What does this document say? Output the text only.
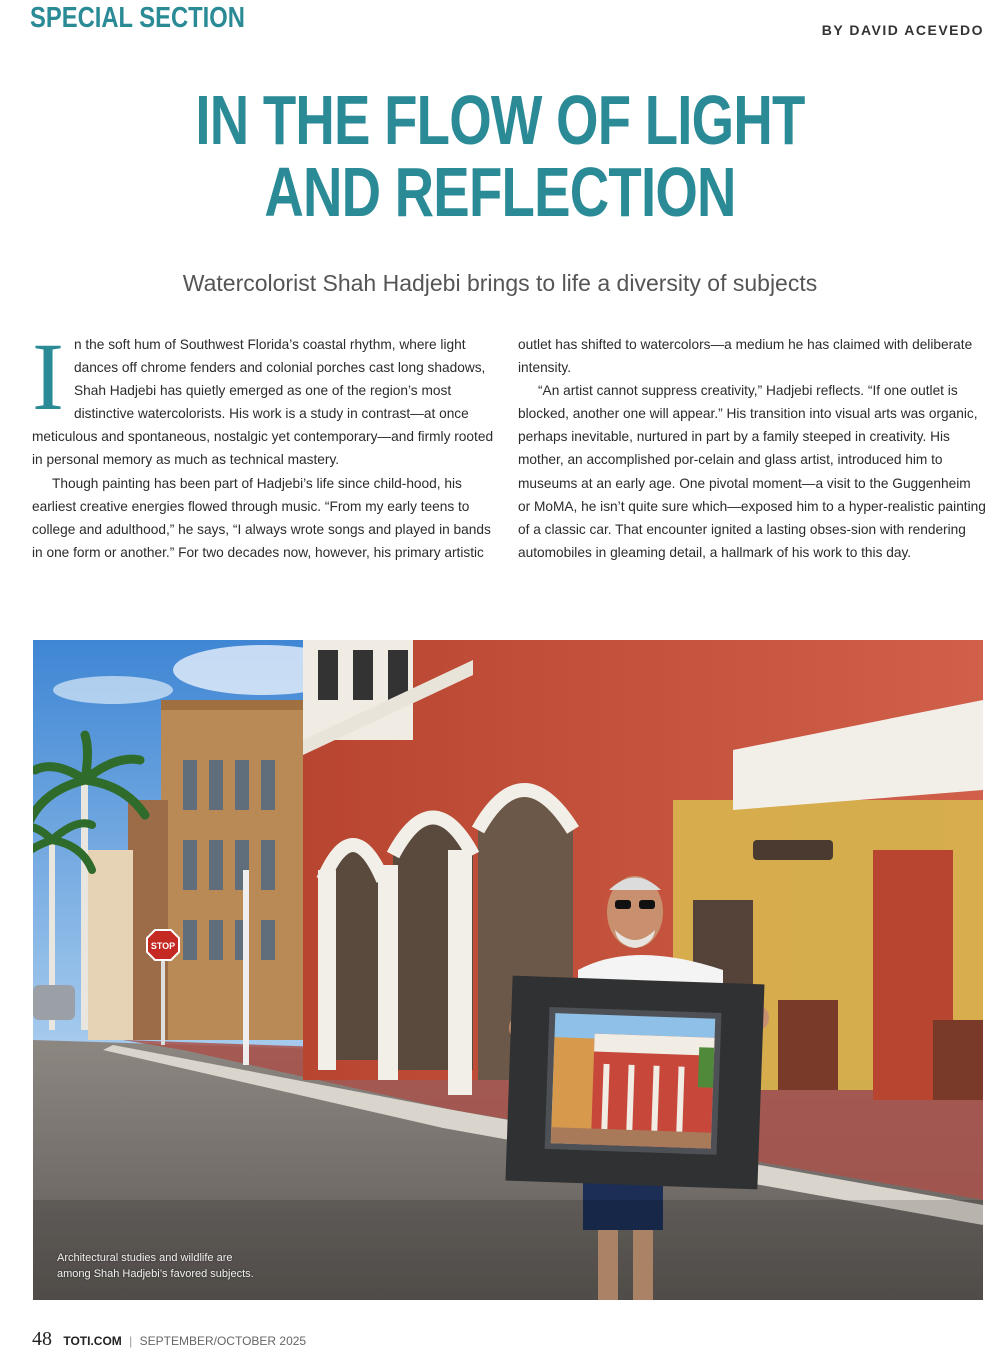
SPECIAL SECTION	BY DAVID ACEVEDO
IN THE FLOW OF LIGHT
AND REFLECTION
Watercolorist Shah Hadjebi brings to life a diversity of subjects
I n the soft hum of Southwest Florida’s coastal rhythm, where light dances off chrome fenders and colonial porches cast long shadows, Shah Hadjebi has quietly emerged as one of the region’s most distinctive watercolorists. His work is a study in contrast—at once meticulous and spontaneous, nostalgic yet contemporary—and firmly rooted in personal memory as much as technical mastery.

Though painting has been part of Hadjebi’s life since child-hood, his earliest creative energies flowed through music. “From my early teens to college and adulthood,” he says, “I always wrote songs and played in bands in one form or another.” For two decades now, however, his primary artistic

outlet has shifted to watercolors—a medium he has claimed with deliberate intensity.

“An artist cannot suppress creativity,” Hadjebi reflects. “If one outlet is blocked, another one will appear.” His transition into visual arts was organic, perhaps inevitable, nurtured in part by a family steeped in creativity. His mother, an accomplished por-celain and glass artist, introduced him to museums at an early age. One pivotal moment—a visit to the Guggenheim or MoMA, he isn’t quite sure which—exposed him to a hyper-realistic painting of a classic car. That encounter ignited a lasting obses-sion with rendering automobiles in gleaming detail, a hallmark of his work to this day.

STOP
Architectural studies and wildlife are
among Shah Hadjebi’s favored subjects.
48 TOTI.COM | SEPTEMBER/OCTOBER 2025
